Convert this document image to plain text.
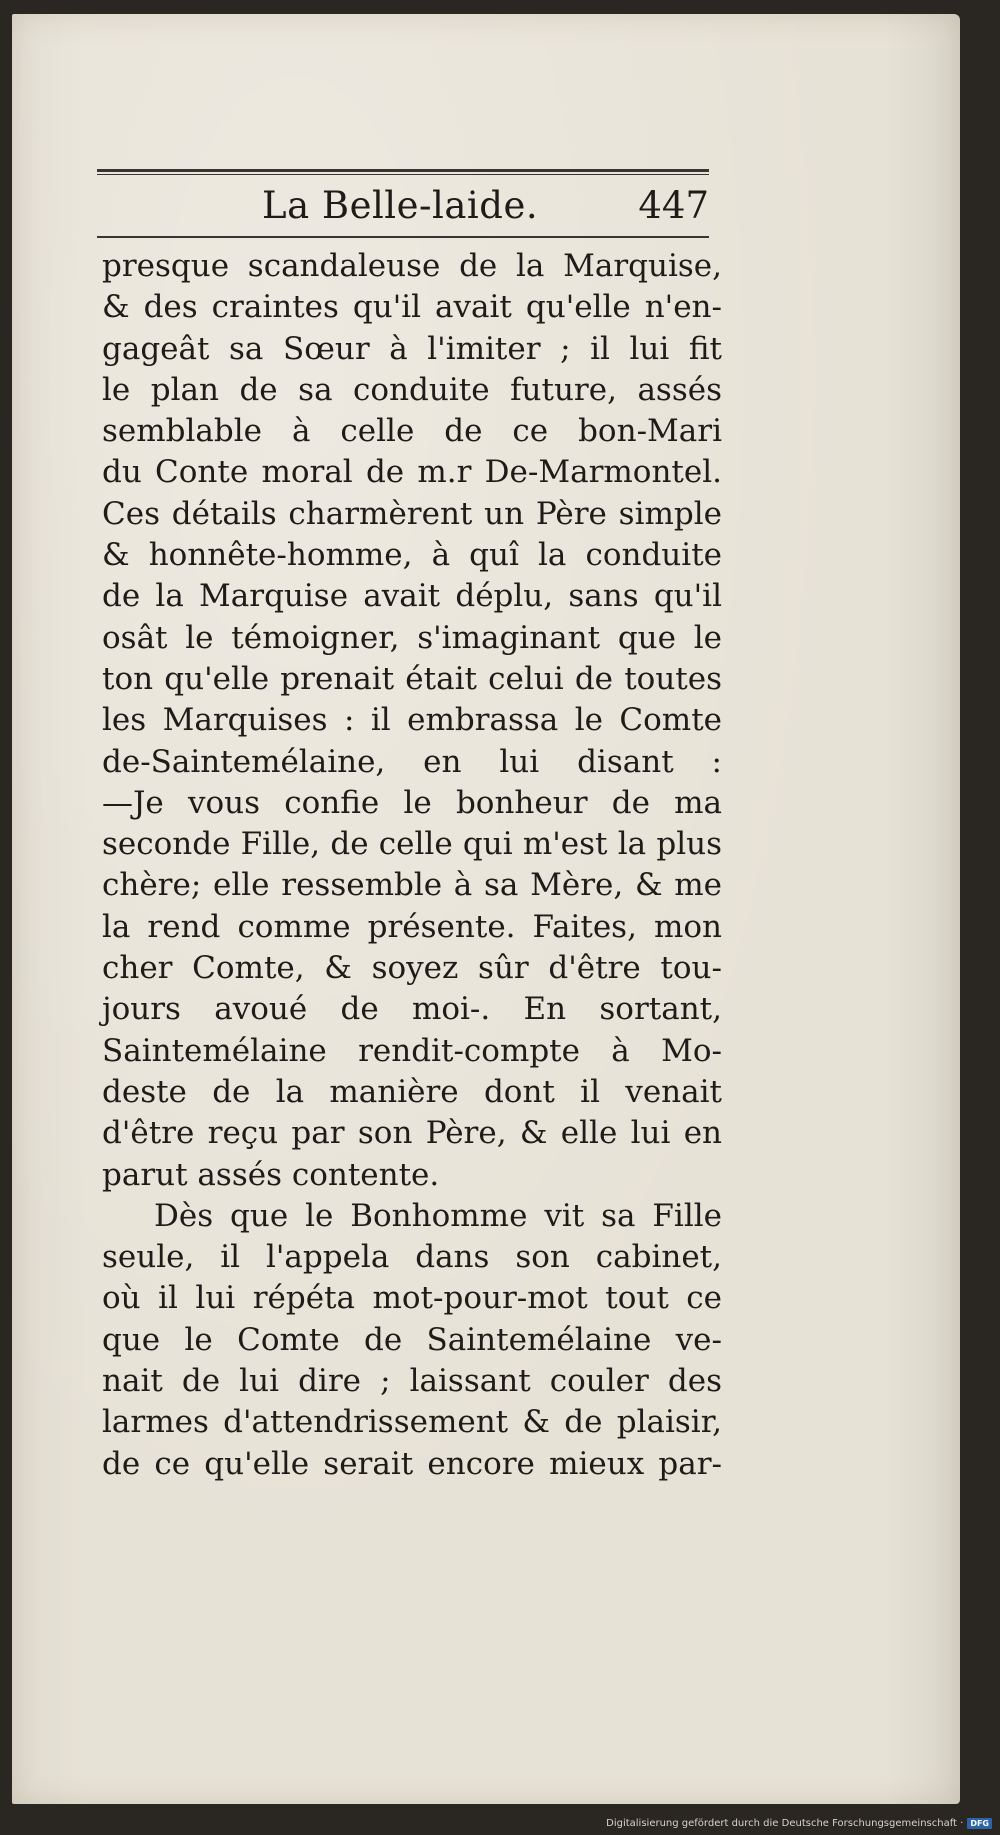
La Belle-laide.	447
presque scandaleuse de la Marquise,
& des craintes qu'il avait qu'elle n'en-
gageât sa Sœur à l'imiter ; il lui fit
le plan de sa conduite future, assés
semblable à celle de ce bon-Mari
du Conte moral de m.r De-Marmontel.
Ces détails charmèrent un Père simple
& honnête-homme, à quî la conduite
de la Marquise avait déplu, sans qu'il
osât le témoigner, s'imaginant que le
ton qu'elle prenait était celui de toutes
les Marquises : il embrassa le Comte
de-Saintemélaine, en lui disant :
—Je vous confie le bonheur de ma
seconde Fille, de celle qui m'est la plus
chère; elle ressemble à sa Mère, & me
la rend comme présente. Faites, mon
cher Comte, & soyez sûr d'être tou-
jours avoué de moi-. En sortant,
Saintemélaine rendit-compte à Mo-
deste de la manière dont il venait
d'être reçu par son Père, & elle lui en
parut assés contente.
Dès que le Bonhomme vit sa Fille
seule, il l'appela dans son cabinet,
où il lui répéta mot-pour-mot tout ce
que le Comte de Saintemélaine ve-
nait de lui dire ; laissant couler des
larmes d'attendrissement & de plaisir,
de ce qu'elle serait encore mieux par-
Digitalisierung gefördert durch die Deutsche Forschungsgemeinschaft · DFG
